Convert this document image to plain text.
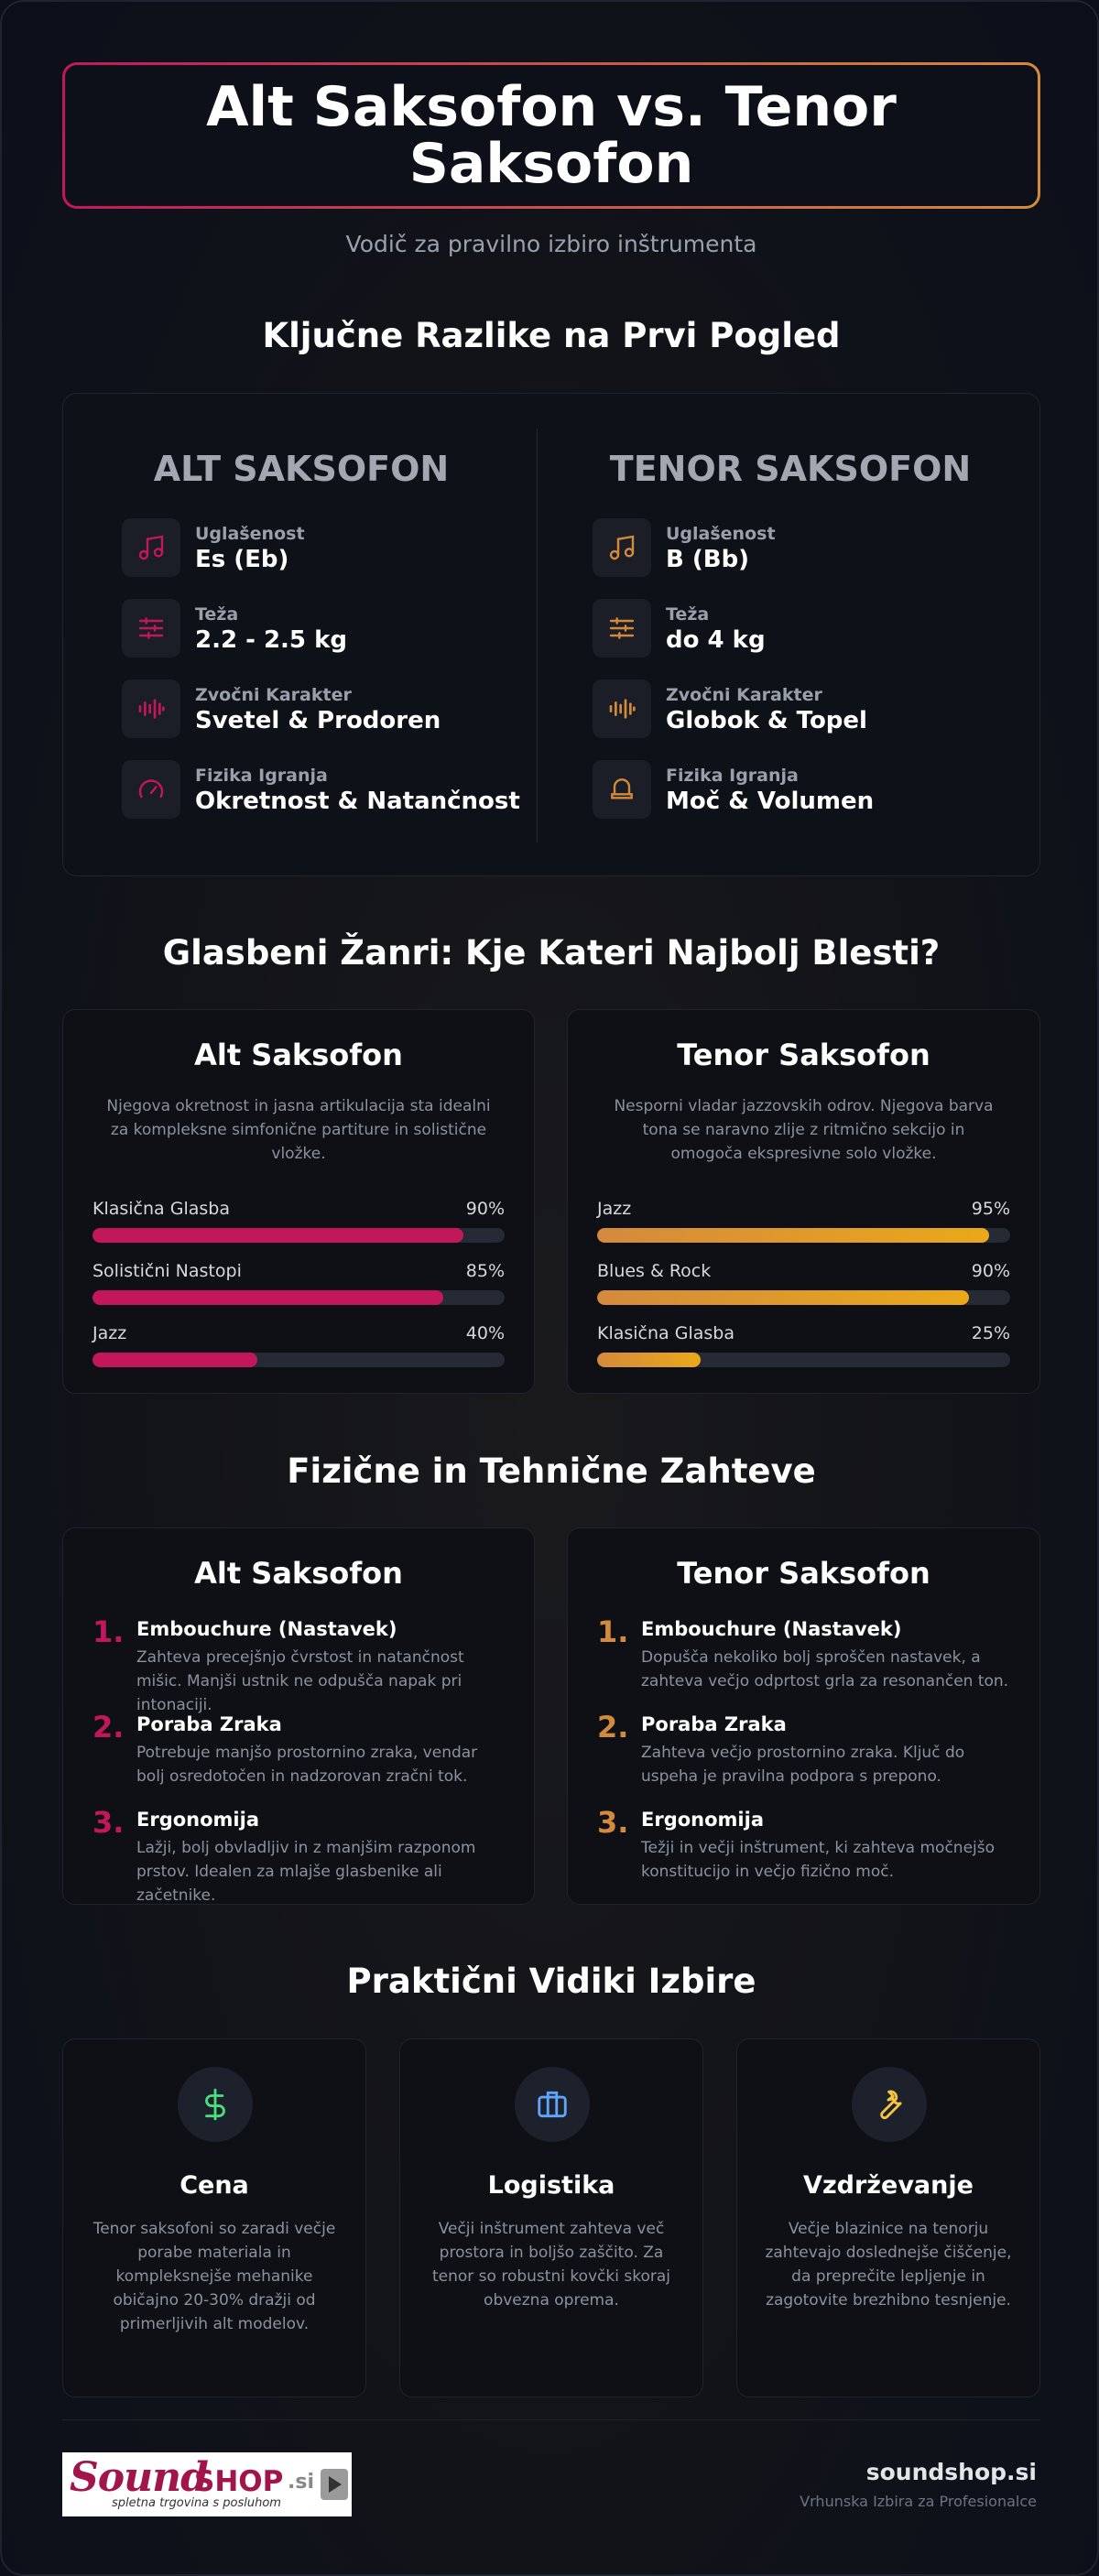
Alt Saksofon vs. Tenor Saksofon
Vodič za pravilno izbiro inštrumenta
Ključne Razlike na Prvi Pogled
ALT SAKSOFON
Uglašenost
Es (Eb)
Teža
2.2 - 2.5 kg
Zvočni Karakter
Svetel & Prodoren
Fizika Igranja
Okretnost & Natančnost
TENOR SAKSOFON
Uglašenost
B (Bb)
Teža
do 4 kg
Zvočni Karakter
Globok & Topel
Fizika Igranja
Moč & Volumen
Glasbeni Žanri: Kje Kateri Najbolj Blesti?
Alt Saksofon
Njegova okretnost in jasna artikulacija sta idealni za kompleksne simfonične partiture in solistične vložke.
Klasična Glasba	90%
Solistični Nastopi	85%
Jazz	40%
Tenor Saksofon
Nesporni vladar jazzovskih odrov. Njegova barva tona se naravno zlije z ritmično sekcijo in omogoča ekspresivne solo vložke.
Jazz	95%
Blues & Rock	90%
Klasična Glasba	25%
Fizične in Tehnične Zahteve
Alt Saksofon
1. Embouchure (Nastavek)
Zahteva precejšnjo čvrstost in natančnost mišic. Manjši ustnik ne odpušča napak pri intonaciji.
2. Poraba Zraka
Potrebuje manjšo prostornino zraka, vendar bolj osredotočen in nadzorovan zračni tok.
3. Ergonomija
Lažji, bolj obvladljiv in z manjšim razponom prstov. Idealen za mlajše glasbenike ali začetnike.
Tenor Saksofon
1. Embouchure (Nastavek)
Dopušča nekoliko bolj sproščen nastavek, a zahteva večjo odprtost grla za resonančen ton.
2. Poraba Zraka
Zahteva večjo prostornino zraka. Ključ do uspeha je pravilna podpora s prepono.
3. Ergonomija
Težji in večji inštrument, ki zahteva močnejšo konstitucijo in večjo fizično moč.
Praktični Vidiki Izbire
Cena
Tenor saksofoni so zaradi večje porabe materiala in kompleksnejše mehanike običajno 20-30% dražji od primerljivih alt modelov.
Logistika
Večji inštrument zahteva več prostora in boljšo zaščito. Za tenor so robustni kovčki skoraj obvezna oprema.
Vzdrževanje
Večje blazinice na tenorju zahtevajo doslednejše čiščenje, da preprečite lepljenje in zagotovite brezhibno tesnjenje.
Sound
SHOP .si
spletna trgovina s posluhom
soundshop.si
Vrhunska Izbira za Profesionalce
